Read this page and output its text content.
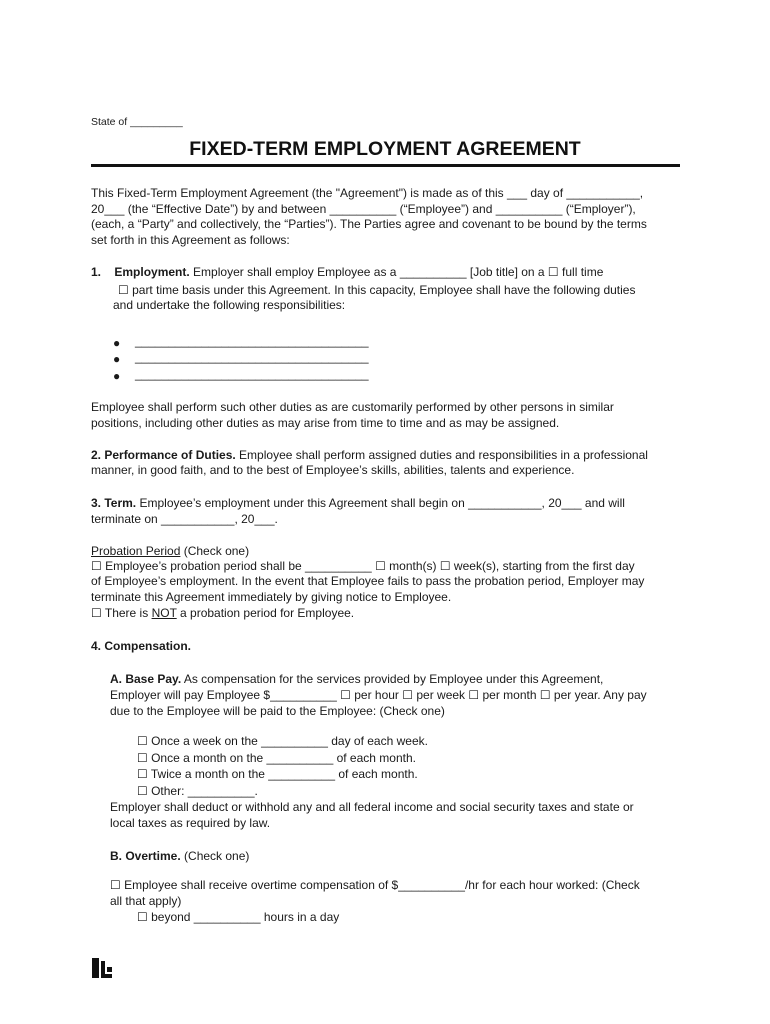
State of _________
FIXED-TERM EMPLOYMENT AGREEMENT
This Fixed-Term Employment Agreement (the "Agreement") is made as of this ___ day of ___________,
20___ (the “Effective Date”) by and between __________ (“Employee”) and __________ (“Employer”),
(each, a “Party” and collectively, the “Parties”). The Parties agree and covenant to be bound by the terms
set forth in this Agreement as follows:
1. Employment. Employer shall employ Employee as a __________ [Job title] on a ☐ full time
☐ part time basis under this Agreement. In this capacity, Employee shall have the following duties
and undertake the following responsibilities:
● ___________________________________
● ___________________________________
● ___________________________________
Employee shall perform such other duties as are customarily performed by other persons in similar
positions, including other duties as may arise from time to time and as may be assigned.
2. Performance of Duties. Employee shall perform assigned duties and responsibilities in a professional
manner, in good faith, and to the best of Employee’s skills, abilities, talents and experience.
3. Term. Employee’s employment under this Agreement shall begin on ___________, 20___ and will
terminate on ___________, 20___.
Probation Period (Check one)
☐ Employee’s probation period shall be __________ ☐ month(s) ☐ week(s), starting from the first day
of Employee’s employment. In the event that Employee fails to pass the probation period, Employer may
terminate this Agreement immediately by giving notice to Employee.
☐ There is NOT a probation period for Employee.
4. Compensation.
A. Base Pay. As compensation for the services provided by Employee under this Agreement,
Employer will pay Employee $__________ ☐ per hour ☐ per week ☐ per month ☐ per year. Any pay
due to the Employee will be paid to the Employee: (Check one)
☐ Once a week on the __________ day of each week.
☐ Once a month on the __________ of each month.
☐ Twice a month on the __________ of each month.
☐ Other: __________.
Employer shall deduct or withhold any and all federal income and social security taxes and state or
local taxes as required by law.
B. Overtime. (Check one)
☐ Employee shall receive overtime compensation of $__________/hr for each hour worked: (Check
all that apply)
☐ beyond __________ hours in a day
